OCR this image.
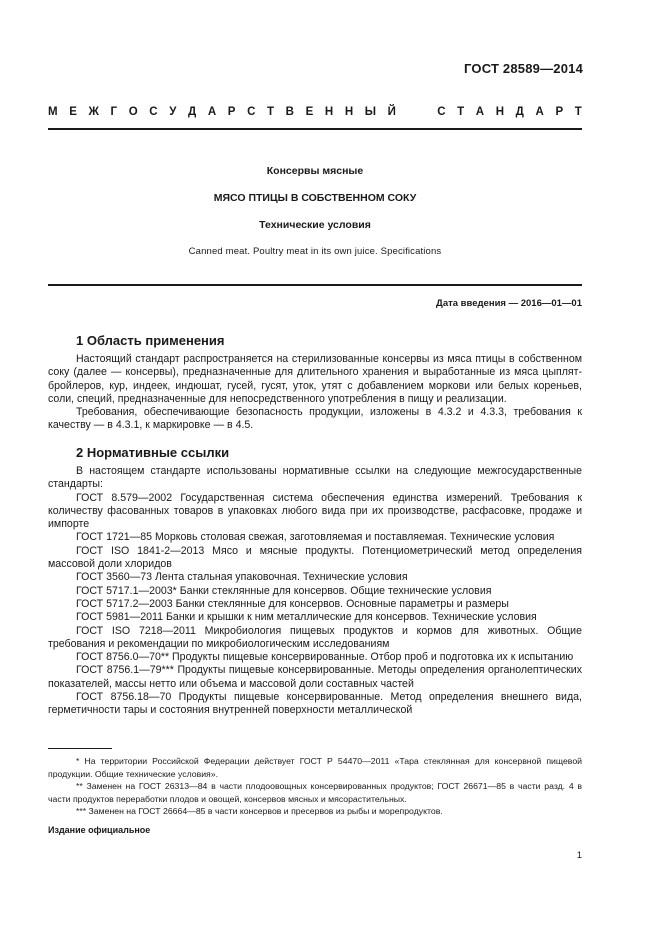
ГОСТ 28589—2014
М Е Ж Г О С У Д А Р С Т В Е Н Н Ы Й

	С Т А Н Д А Р Т
Консервы мясные
МЯСО ПТИЦЫ В СОБСТВЕННОМ СОКУ
Технические условия
Canned meat. Poultry meat in its own juice. Specifications
Дата введения — 2016—01—01
1 Область применения

Настоящий стандарт распространяется на стерилизованные консервы из мяса птицы в собственном соку (далее — консервы), предназначенные для длительного хранения и выработанные из мяса цыплят-бройлеров, кур, индеек, индюшат, гусей, гусят, уток, утят с добавлением моркови или белых кореньев, соли, специй, предназначенные для непосредственного употребления в пищу и реализации.

Требования, обеспечивающие безопасность продукции, изложены в 4.3.2 и 4.3.3, требования к качеству — в 4.3.1, к маркировке — в 4.5.

2 Нормативные ссылки

В настоящем стандарте использованы нормативные ссылки на следующие межгосударственные стандарты:

ГОСТ 8.579—2002 Государственная система обеспечения единства измерений. Требования к количеству фасованных товаров в упаковках любого вида при их производстве, расфасовке, продаже и импорте

ГОСТ 1721—85 Морковь столовая свежая, заготовляемая и поставляемая. Технические условия

ГОСТ ISO 1841-2—2013 Мясо и мясные продукты. Потенциометрический метод определения массовой доли хлоридов

ГОСТ 3560—73 Лента стальная упаковочная. Технические условия

ГОСТ 5717.1—2003* Банки стеклянные для консервов. Общие технические условия

ГОСТ 5717.2—2003 Банки стеклянные для консервов. Основные параметры и размеры

ГОСТ 5981—2011 Банки и крышки к ним металлические для консервов. Технические условия

ГОСТ ISO 7218—2011 Микробиология пищевых продуктов и кормов для животных. Общие требования и рекомендации по микробиологическим исследованиям

ГОСТ 8756.0—70** Продукты пищевые консервированные. Отбор проб и подготовка их к испытанию

ГОСТ 8756.1—79*** Продукты пищевые консервированные. Методы определения органолептических показателей, массы нетто или объема и массовой доли составных частей

ГОСТ 8756.18—70 Продукты пищевые консервированные. Метод определения внешнего вида, герметичности тары и состояния внутренней поверхности металлической

* На территории Российской Федерации действует ГОСТ Р 54470—2011 «Тара стеклянная для консервной пищевой продукции. Общие технические условия».

** Заменен на ГОСТ 26313—84 в части плодоовощных консервированных продуктов; ГОСТ 26671—85 в части разд. 4 в части продуктов переработки плодов и овощей, консервов мясных и мясорастительных.

*** Заменен на ГОСТ 26664—85 в части консервов и пресервов из рыбы и морепродуктов.

Издание официальное
1
